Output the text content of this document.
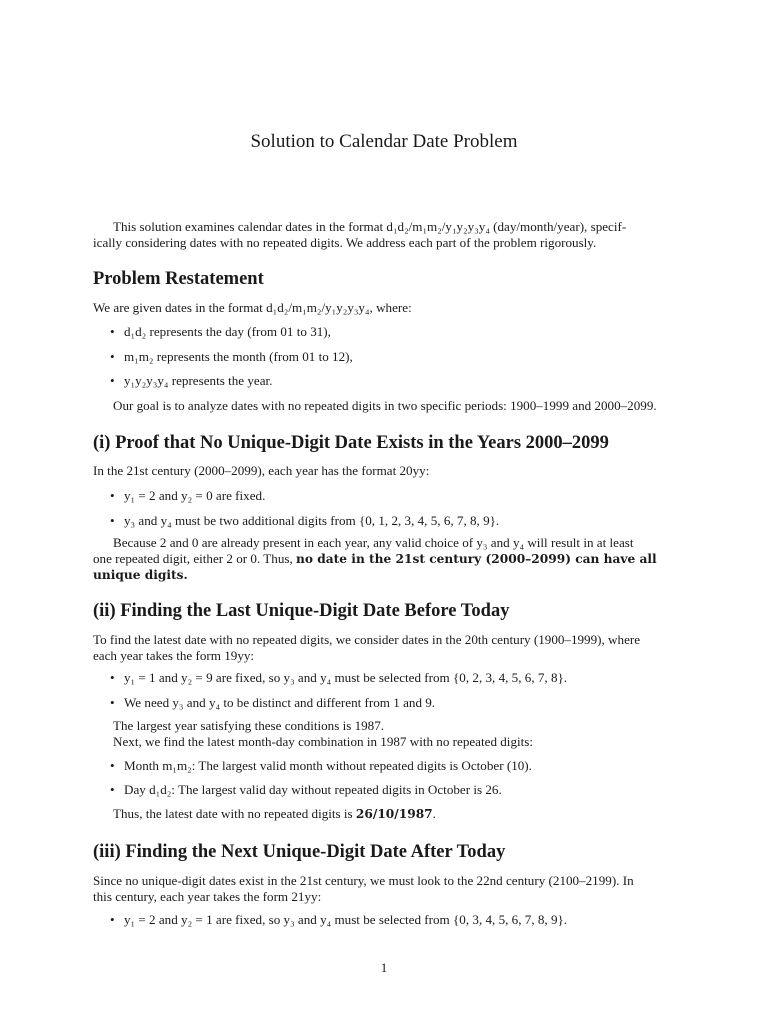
Solution to Calendar Date Problem
This solution examines calendar dates in the format d₁d₂/m₁m₂/y₁y₂y₃y₄ (day/month/year), specif-
ically considering dates with no repeated digits. We address each part of the problem rigorously.
Problem Restatement
We are given dates in the format d₁d₂/m₁m₂/y₁y₂y₃y₄, where:
• d₁d₂ represents the day (from 01 to 31),
• m₁m₂ represents the month (from 01 to 12),
• y₁y₂y₃y₄ represents the year.
Our goal is to analyze dates with no repeated digits in two specific periods: 1900–1999 and 2000–2099.
(i) Proof that No Unique-Digit Date Exists in the Years 2000–2099
In the 21st century (2000–2099), each year has the format 20yy:
• y₁ = 2 and y₂ = 0 are fixed.
• y₃ and y₄ must be two additional digits from {0, 1, 2, 3, 4, 5, 6, 7, 8, 9}.
Because 2 and 0 are already present in each year, any valid choice of y₃ and y₄ will result in at least
one repeated digit, either 2 or 0. Thus, no date in the 21st century (2000–2099) can have all
unique digits.
(ii) Finding the Last Unique-Digit Date Before Today
To find the latest date with no repeated digits, we consider dates in the 20th century (1900–1999), where
each year takes the form 19yy:
• y₁ = 1 and y₂ = 9 are fixed, so y₃ and y₄ must be selected from {0, 2, 3, 4, 5, 6, 7, 8}.
• We need y₃ and y₄ to be distinct and different from 1 and 9.
The largest year satisfying these conditions is 1987.
Next, we find the latest month-day combination in 1987 with no repeated digits:
• Month m₁m₂: The largest valid month without repeated digits is October (10).
• Day d₁d₂: The largest valid day without repeated digits in October is 26.
Thus, the latest date with no repeated digits is 26/10/1987.
(iii) Finding the Next Unique-Digit Date After Today
Since no unique-digit dates exist in the 21st century, we must look to the 22nd century (2100–2199). In
this century, each year takes the form 21yy:
• y₁ = 2 and y₂ = 1 are fixed, so y₃ and y₄ must be selected from {0, 3, 4, 5, 6, 7, 8, 9}.
1
